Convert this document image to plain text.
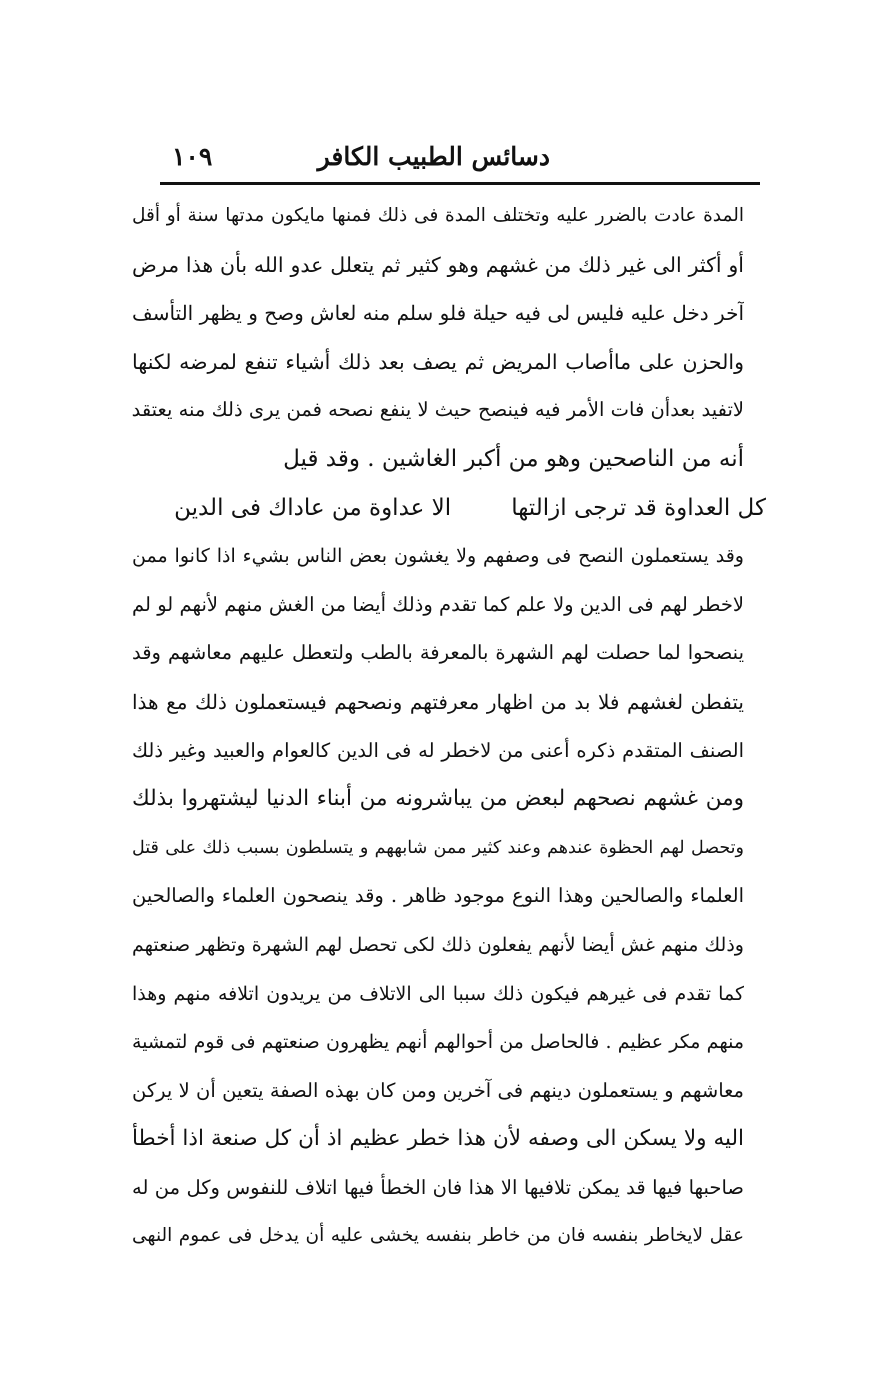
دسائس الطبيب الكافر
١٠٩
المدة عادت بالضرر عليه وتختلف المدة فى ذلك فمنها مايكون مدتها سنة أو أقل
أو أكثر الى غير ذلك من غشهم وهو كثير ثم يتعلل عدو الله بأن هذا مرض
آخر دخل عليه فليس لى فيه حيلة فلو سلم منه لعاش وصح و يظهر التأسف
والحزن على ماأصاب المريض ثم يصف بعد ذلك أشياء تنفع لمرضه لكنها
لاتفيد بعدأن فات الأمر فيه فينصح حيث لا ينفع نصحه فمن يرى ذلك منه يعتقد
أنه من الناصحين وهو من أكبر الغاشين . وقد قيل
كل العداوة قد ترجى ازالتها
الا عداوة من عاداك فى الدين
وقد يستعملون النصح فى وصفهم ولا يغشون بعض الناس بشيء اذا كانوا ممن
لاخطر لهم فى الدين ولا علم كما تقدم وذلك أيضا من الغش منهم لأنهم لو لم
ينصحوا لما حصلت لهم الشهرة بالمعرفة بالطب ولتعطل عليهم معاشهم وقد
يتفطن لغشهم فلا بد من اظهار معرفتهم ونصحهم فيستعملون ذلك مع هذا
الصنف المتقدم ذكره أعنى من لاخطر له فى الدين كالعوام والعبيد وغير ذلك
ومن غشهم نصحهم لبعض من يباشرونه من أبناء الدنيا ليشتهروا بذلك
وتحصل لهم الحظوة عندهم وعند كثير ممن شابههم و يتسلطون بسبب ذلك على قتل
العلماء والصالحين وهذا النوع موجود ظاهر . وقد ينصحون العلماء والصالحين
وذلك منهم غش أيضا لأنهم يفعلون ذلك لكى تحصل لهم الشهرة وتظهر صنعتهم
كما تقدم فى غيرهم فيكون ذلك سببا الى الاتلاف من يريدون اتلافه منهم وهذا
منهم مكر عظيم . فالحاصل من أحوالهم أنهم يظهرون صنعتهم فى قوم لتمشية
معاشهم و يستعملون دينهم فى آخرين ومن كان بهذه الصفة يتعين أن لا يركن
اليه ولا يسكن الى وصفه لأن هذا خطر عظيم اذ أن كل صنعة اذا أخطأ
صاحبها فيها قد يمكن تلافيها الا هذا فان الخطأ فيها اتلاف للنفوس وكل من له
عقل لايخاطر بنفسه فان من خاطر بنفسه يخشى عليه أن يدخل فى عموم النهى
